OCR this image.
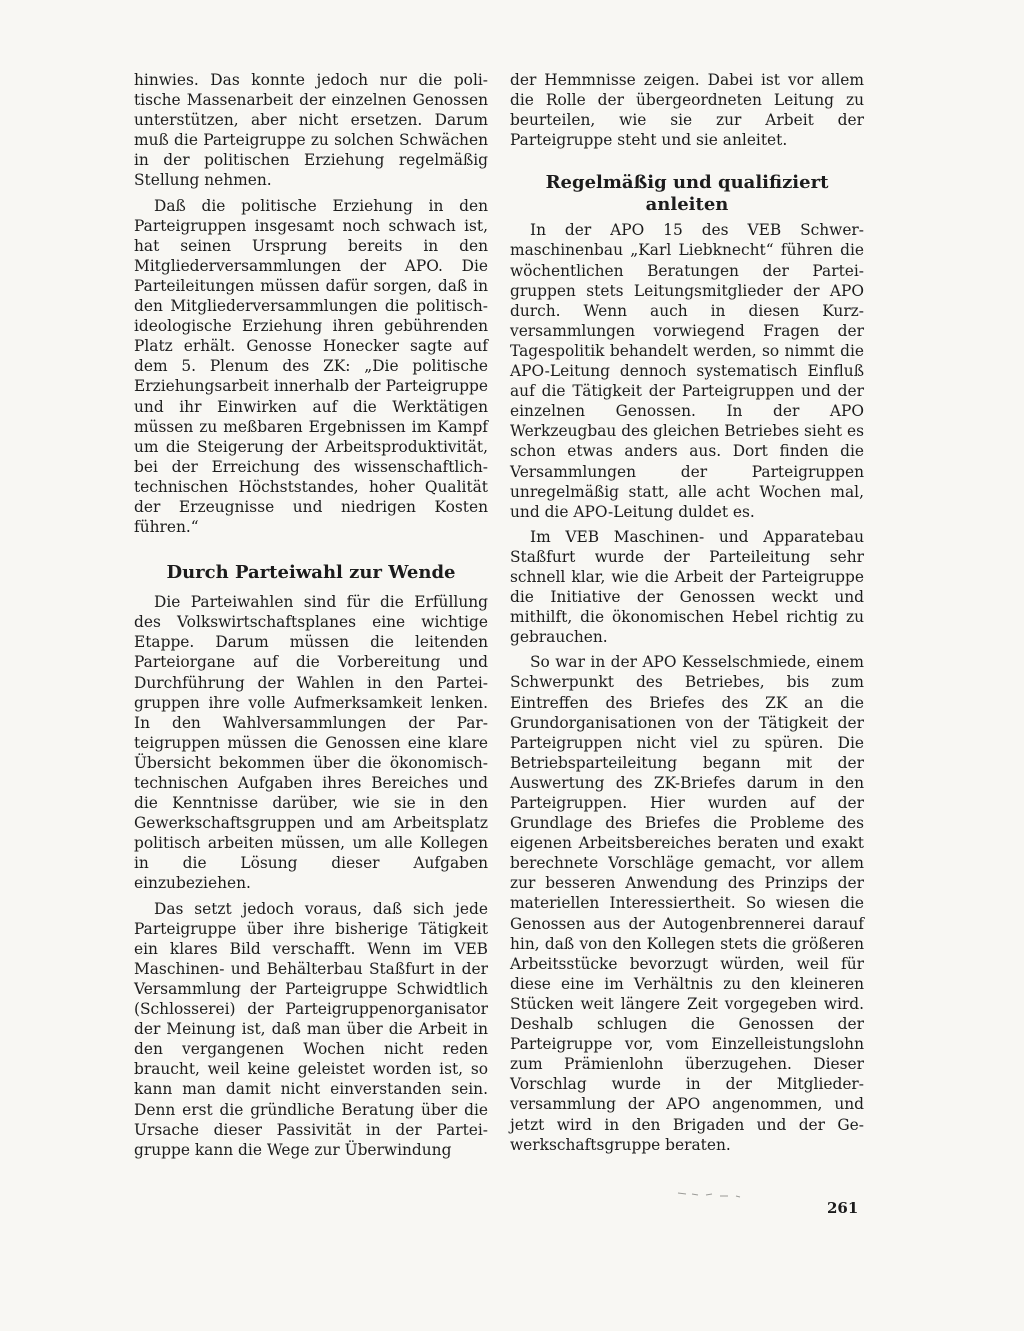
hinwies. Das konnte jedoch nur die politische Massenarbeit der einzelnen Genossen unterstützen, aber nicht ersetzen. Darum muß die Parteigruppe zu solchen Schwächen in der politischen Erziehung regelmäßig Stellung nehmen.

Daß die politische Erziehung in den Parteigruppen insgesamt noch schwach ist, hat seinen Ursprung bereits in den Mitgliederversammlungen der APO. Die Parteileitungen müssen dafür sorgen, daß in den Mitgliederversammlungen die politisch-ideologische Erziehung ihren gebührenden Platz erhält. Genosse Honecker sagte auf dem 5. Plenum des ZK: „Die politische Erziehungsarbeit innerhalb der Parteigruppe und ihr Einwirken auf die Werktätigen müssen zu meßbaren Ergebnissen im Kampf um die Steigerung der Arbeitsproduktivität, bei der Erreichung des wissenschaftlich-technischen Höchststandes, hoher Qualität der Erzeugnisse und niedrigen Kosten führen.“

Durch Parteiwahl zur Wende

Die Parteiwahlen sind für die Erfüllung des Volkswirtschaftsplanes eine wichtige Etappe. Darum müssen die leitenden Parteiorgane auf die Vorbereitung und Durchführung der Wahlen in den Parteigruppen ihre volle Aufmerksamkeit lenken. In den Wahlversammlungen der Parteigruppen müssen die Genossen eine klare Übersicht bekommen über die ökonomisch-technischen Aufgaben ihres Bereiches und die Kenntnisse darüber, wie sie in den Gewerkschaftsgruppen und am Arbeitsplatz politisch arbeiten müssen, um alle Kollegen in die Lösung dieser Aufgaben einzubeziehen.

Das setzt jedoch voraus, daß sich jede Parteigruppe über ihre bisherige Tätigkeit ein klares Bild verschafft. Wenn im VEB Maschinen- und Behälterbau Staßfurt in der Versammlung der Parteigruppe Schwidtlich (Schlosserei) der Parteigruppenorganisator der Meinung ist, daß man über die Arbeit in den vergangenen Wochen nicht reden braucht, weil keine geleistet worden ist, so kann man damit nicht einverstanden sein. Denn erst die gründliche Beratung über die Ursache dieser Passivität in der Parteigruppe kann die Wege zur Überwindung

der Hemmnisse zeigen. Dabei ist vor allem die Rolle der übergeordneten Leitung zu beurteilen, wie sie zur Arbeit der Parteigruppe steht und sie anleitet.

Regelmäßig und qualifiziert anleiten

In der APO 15 des VEB Schwermaschinenbau „Karl Liebknecht“ führen die wöchentlichen Beratungen der Parteigruppen stets Leitungsmitglieder der APO durch. Wenn auch in diesen Kurzversammlungen vorwiegend Fragen der Tagespolitik behandelt werden, so nimmt die APO-Leitung dennoch systematisch Einfluß auf die Tätigkeit der Parteigruppen und der einzelnen Genossen. In der APO Werkzeugbau des gleichen Betriebes sieht es schon etwas anders aus. Dort finden die Versammlungen der Parteigruppen unregelmäßig statt, alle acht Wochen mal, und die APO-Leitung duldet es.

Im VEB Maschinen- und Apparatebau Staßfurt wurde der Parteileitung sehr schnell klar, wie die Arbeit der Parteigruppe die Initiative der Genossen weckt und mithilft, die ökonomischen Hebel richtig zu gebrauchen.

So war in der APO Kesselschmiede, einem Schwerpunkt des Betriebes, bis zum Eintreffen des Briefes des ZK an die Grundorganisationen von der Tätigkeit der Parteigruppen nicht viel zu spüren. Die Betriebsparteileitung begann mit der Auswertung des ZK-Briefes darum in den Parteigruppen. Hier wurden auf der Grundlage des Briefes die Probleme des eigenen Arbeitsbereiches beraten und exakt berechnete Vorschläge gemacht, vor allem zur besseren Anwendung des Prinzips der materiellen Interessiertheit. So wiesen die Genossen aus der Autogenbrennerei darauf hin, daß von den Kollegen stets die größeren Arbeitsstücke bevorzugt würden, weil für diese eine im Verhältnis zu den kleineren Stücken weit längere Zeit vorgegeben wird. Deshalb schlugen die Genossen der Parteigruppe vor, vom Einzelleistungslohn zum Prämienlohn überzugehen. Dieser Vorschlag wurde in der Mitgliederversammlung der APO angenommen, und jetzt wird in den Brigaden und der Gewerkschaftsgruppe beraten.

261
